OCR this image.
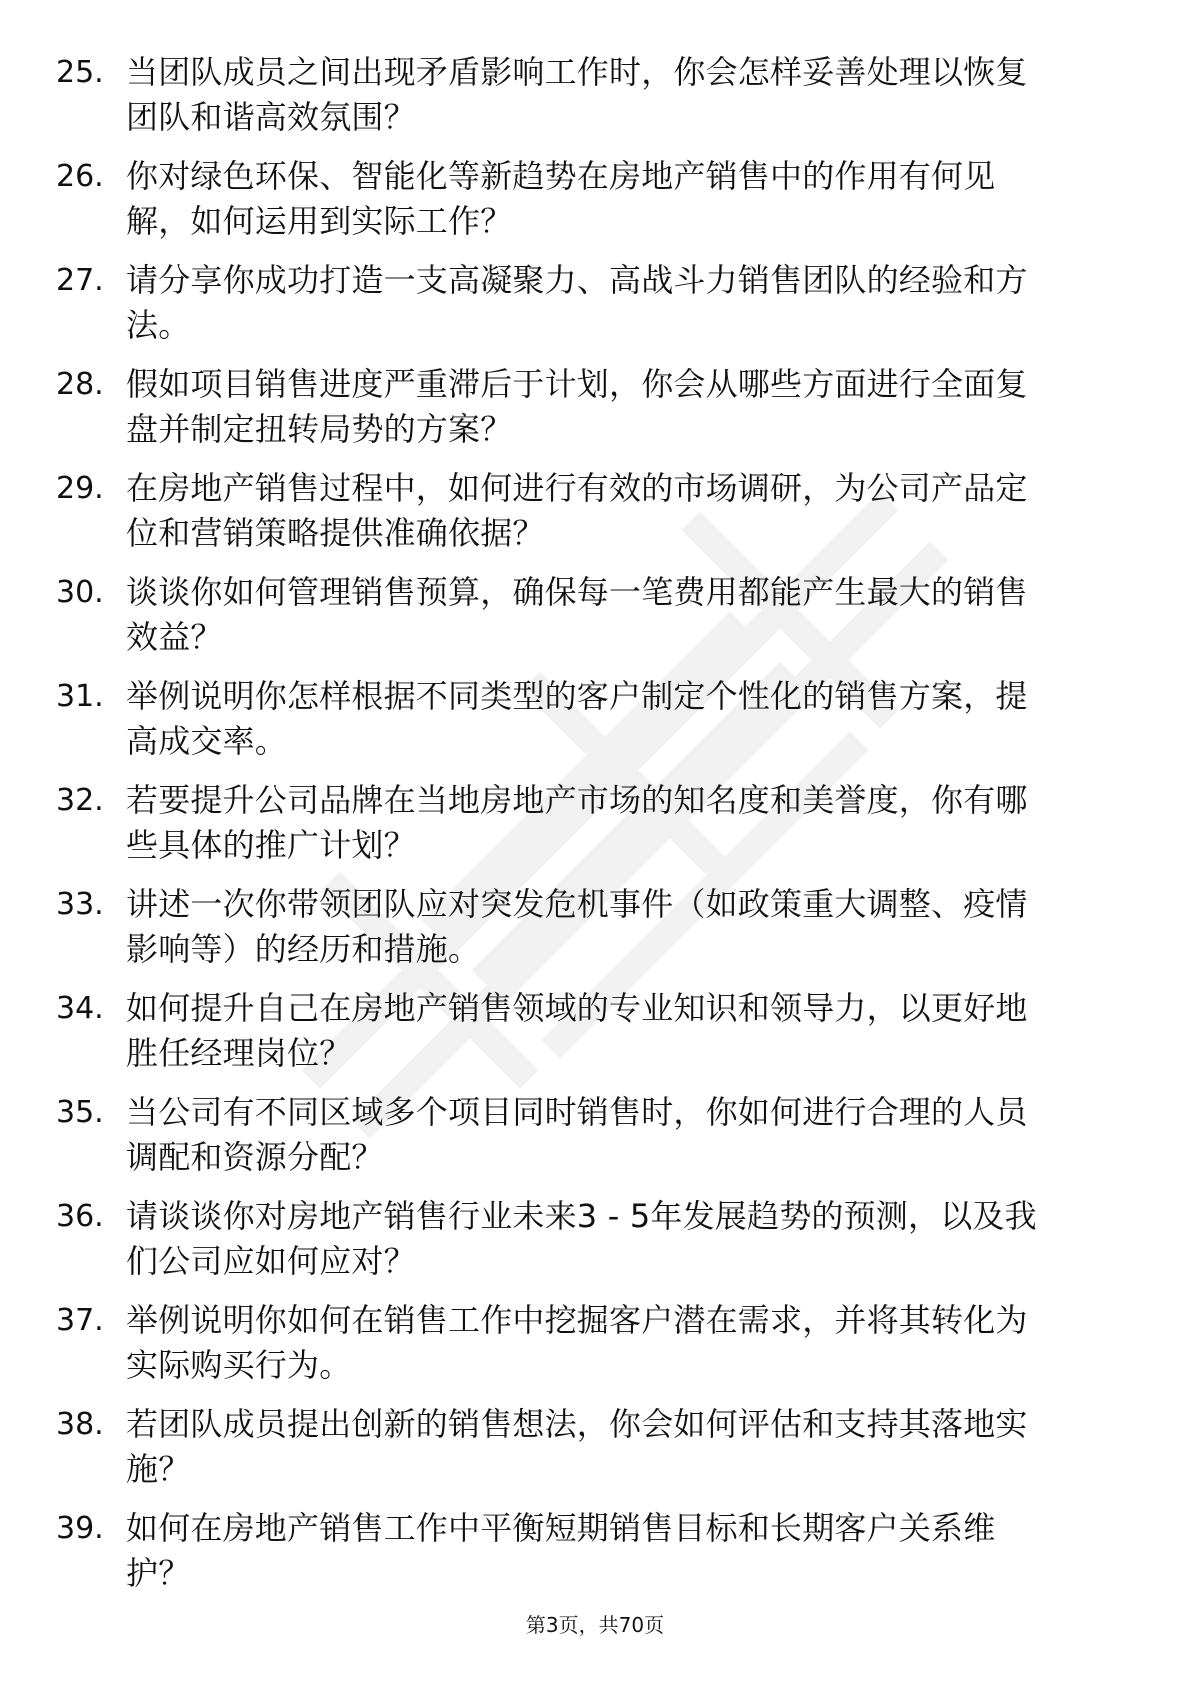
25. 当团队成员之间出现矛盾影响工作时，你会怎样妥善处理以恢复
团队和谐高效氛围？
26. 你对绿色环保、智能化等新趋势在房地产销售中的作用有何见
解，如何运用到实际工作？
27. 请分享你成功打造一支高凝聚力、高战斗力销售团队的经验和方
法。
28. 假如项目销售进度严重滞后于计划，你会从哪些方面进行全面复
盘并制定扭转局势的方案？
29. 在房地产销售过程中，如何进行有效的市场调研，为公司产品定
位和营销策略提供准确依据？
30. 谈谈你如何管理销售预算，确保每一笔费用都能产生最大的销售
效益？
31. 举例说明你怎样根据不同类型的客户制定个性化的销售方案，提
高成交率。
32. 若要提升公司品牌在当地房地产市场的知名度和美誉度，你有哪
些具体的推广计划？
33. 讲述一次你带领团队应对突发危机事件（如政策重大调整、疫情
影响等）的经历和措施。
34. 如何提升自己在房地产销售领域的专业知识和领导力，以更好地
胜任经理岗位？
35. 当公司有不同区域多个项目同时销售时，你如何进行合理的人员
调配和资源分配？
36. 请谈谈你对房地产销售行业未来3 - 5年发展趋势的预测，以及我
们公司应如何应对？
37. 举例说明你如何在销售工作中挖掘客户潜在需求，并将其转化为
实际购买行为。
38. 若团队成员提出创新的销售想法，你会如何评估和支持其落地实
施？
39. 如何在房地产销售工作中平衡短期销售目标和长期客户关系维
护？
第3页，共70页
